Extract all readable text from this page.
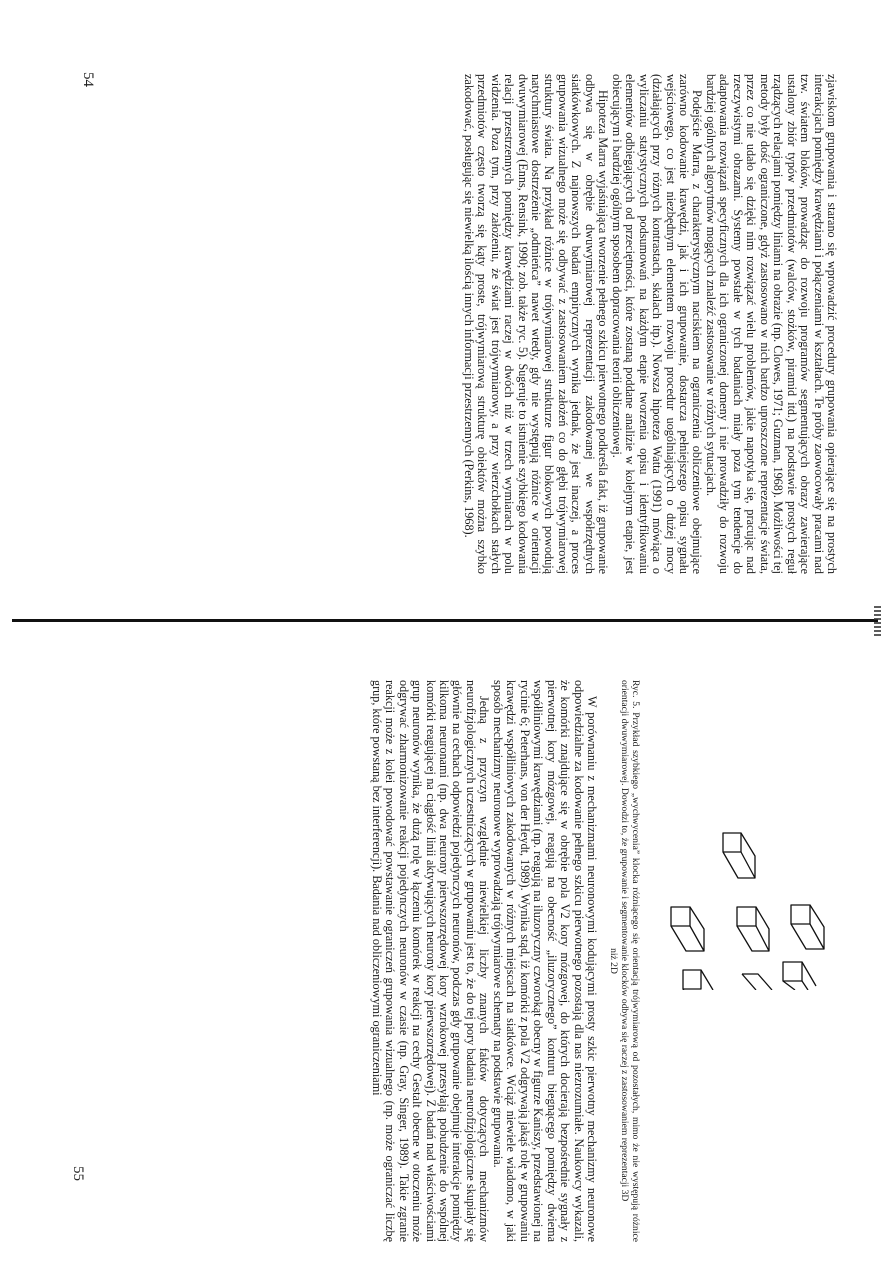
zjawiskom grupowania i starano się wprowadzić procedury grupowania opierające się na prostych interakcjach pomiędzy krawędziami i połączeniami w kształtach. Te próby zaowocowały pracami nad tzw. światem bloków, prowadząc do rozwoju programów segmentujących obrazy zawierające ustalony zbiór typów przedmiotów (walców, stożków, piramid itd.) na podstawie prostych reguł rządzących relacjami pomiędzy liniami na obrazie (np. Clowes, 1971; Guzman, 1968). Możliwości tej metody były dość ograniczone, gdyż zastosowano w nich bardzo uproszczone reprezentacje świata, przez co nie udało się dzięki nim rozwiązać wielu problemów, jakie napotyka się, pracując nad rzeczywistymi obrazami. Systemy powstałe w tych badaniach miały poza tym tendencje do adaptowania rozwiązań specyficznych dla ich ograniczonej domeny i nie prowadziły do rozwoju bardziej ogólnych algorytmów mogących znaleźć zastosowanie w różnych sytuacjach.

Podejście Marra, z charakterystycznym naciskiem na ograniczenia obliczeniowe obejmujące zarówno kodowanie krawędzi, jak i ich grupowanie, dostarcza pełniejszego opisu sygnału wejściowego, co jest niezbędnym elementem rozwoju procedur uogólniających o dużej mocy (działających przy różnych kontrastach, skalach itp.). Nowsza hipoteza Watta (1991) mówiąca o wyliczaniu statystycznych podsumowań na każdym etapie tworzenia opisu i identyfikowaniu elementów odbiegających od przeciętności, które zostaną poddane analizie w kolejnym etapie, jest obiecującym i bardziej ogólnym sposobem dopracowania teorii obliczeniowej.

Hipoteza Marra wyjaśniająca tworzenie pełnego szkicu pierwotnego podkreśla fakt, iż grupowanie odbywa się w obrębie dwuwymiarowej reprezentacji zakodowanej we współrzędnych siatkówkowych. Z najnowszych badań empirycznych wynika jednak, że jest inaczej, a proces grupowania wizualnego może się odbywać z zastosowaniem założeń co do głębi trójwymiarowej struktury świata. Na przykład różnice w trójwymiarowej strukturze figur blokowych powodują natychmiastowe dostrzeżenie „odmieńca” nawet wtedy, gdy nie występują różnice w orientacji dwuwymiarowej (Enns, Rensink, 1990; zob. także ryc. 5). Sugeruje to istnienie szybkiego kodowania relacji przestrzennych pomiędzy krawędziami raczej w dwóch niż w trzech wymiarach w polu widzenia. Poza tym, przy założeniu, że świat jest trójwymiarowy, a przy wierzchołkach stałych przedmiotów często tworzą się kąty proste, trójwymiarową strukturę obiektów można szybko zakodować, posługując się niewielką ilością innych informacji przestrzennych (Perkins, 1968).

54
Ryc. 5. Przykład szybkiego „wychwycenia” klocka różniącego się orientacją trójwymiarową od pozostałych, mimo że nie występują różnice orientacji dwuwymiarowej. Dowodzi to, że grupowanie i segmentowanie klocków odbywa się raczej z zastosowaniem reprezentacji 3D
niż 2D

W porównaniu z mechanizmami neuronowymi kodującymi prosty szkic pierwotny mechanizmy neuronowe odpowiedzialne za kodowanie pełnego szkicu pierwotnego pozostają dla nas niezrozumiałe. Naukowcy wykazali, że komórki znajdujące się w obrębie pola V2 kory mózgowej, do których docierają bezpośrednie sygnały z pierwotnej kory mózgowej, reagują na obecność „iluzorycznego” konturu biegnącego pomiędzy dwiema współliniowymi krawędziami (np. reagują na iluzoryczny czworokąt obecny w figurze Kaniszy, przedstawionej na rycinie 6; Peterhans, von der Heydt, 1989). Wynika stąd, iż komórki z pola V2 odgrywają jakąś rolę w grupowaniu krawędzi współliniowych zakodowanych w różnych miejscach na siatkówce. Wciąż niewiele wiadomo, w jaki sposób mechanizmy neuronowe wyprowadzają trójwymiarowe schematy na podstawie grupowania.

Jedną z przyczyn względnie niewielkiej liczby znanych faktów dotyczących mechanizmów neurofizjologicznych uczestniczących w grupowaniu jest to, że do tej pory badania neurofizjologiczne skupiały się głównie na cechach odpowiedzi pojedynczych neuronów, podczas gdy grupowanie obejmuje interakcje pomiędzy kilkoma neuronami (np. dwa neurony pierwszorzędowej kory wzrokowej przesyłają pobudzenie do wspólnej komórki reagującej na ciągłość linii aktywujących neurony kory pierwszorzędowej). Z badań nad właściwościami grup neuronów wynika, że dużą rolę w łączeniu komórek w reakcji na cechy Gestalt obecne w otoczeniu może odgrywać zharmonizowanie reakcji pojedynczych neuronów w czasie (np. Gray, Singer, 1989). Takie zgranie reakcji może z kolei powodować powstawanie ograniczeń grupowania wizualnego (np. może ograniczać liczbę grup, które powstaną bez interferencji). Badania nad obliczeniowymi ograniczeniami

55
